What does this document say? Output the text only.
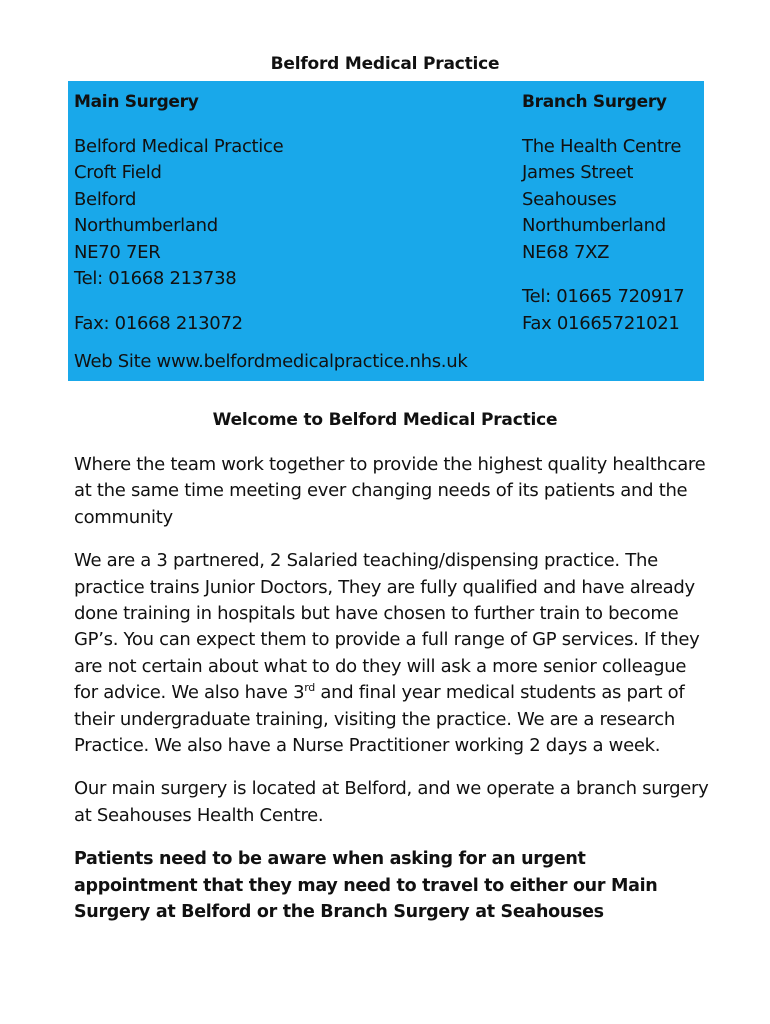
Belford Medical Practice
Main Surgery
Belford Medical Practice
Croft Field
Belford
Northumberland
NE70 7ER
Tel: 01668 213738
Fax: 01668 213072
Branch Surgery
The Health Centre
James Street
Seahouses
Northumberland
NE68 7XZ
Tel: 01665 720917
Fax 01665721021
Web Site www.belfordmedicalpractice.nhs.uk
Welcome to Belford Medical Practice

Where the team work together to provide the highest quality healthcare at the same time meeting ever changing needs of its patients and the community

We are a 3 partnered, 2 Salaried teaching/dispensing practice. The practice trains Junior Doctors, They are fully qualified and have already done training in hospitals but have chosen to further train to become GP’s. You can expect them to provide a full range of GP services. If they are not certain about what to do they will ask a more senior colleague for advice. We also have 3rd and final year medical students as part of their undergraduate training, visiting the practice. We are a research Practice. We also have a Nurse Practitioner working 2 days a week.

Our main surgery is located at Belford, and we operate a branch surgery at Seahouses Health Centre.

Patients need to be aware when asking for an urgent appointment that they may need to travel to either our Main Surgery at Belford or the Branch Surgery at Seahouses
